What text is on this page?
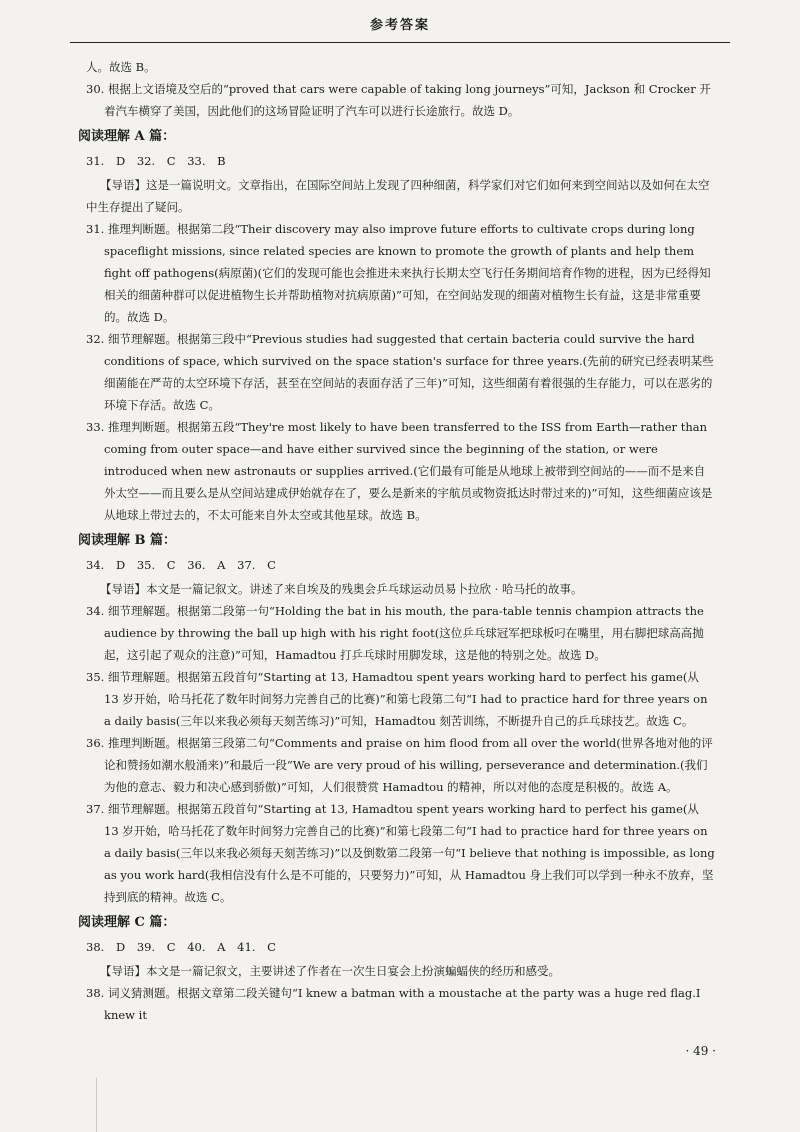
参考答案

人。故选 B。

30. 根据上文语境及空后的“proved that cars were capable of taking long journeys”可知，Jackson 和 Crocker 开着汽车横穿了美国，因此他们的这场冒险证明了汽车可以进行长途旅行。故选 D。

阅读理解 A 篇：
31. D 32. C 33. B

【导语】这是一篇说明文。文章指出，在国际空间站上发现了四种细菌，科学家们对它们如何来到空间站以及如何在太空中生存提出了疑问。

31. 推理判断题。根据第二段“Their discovery may also improve future efforts to cultivate crops during long spaceflight missions, since related species are known to promote the growth of plants and help them fight off pathogens(病原菌)(它们的发现可能也会推进未来执行长期太空飞行任务期间培育作物的进程，因为已经得知相关的细菌种群可以促进植物生长并帮助植物对抗病原菌)”可知，在空间站发现的细菌对植物生长有益，这是非常重要的。故选 D。

32. 细节理解题。根据第三段中“Previous studies had suggested that certain bacteria could survive the hard conditions of space, which survived on the space station's surface for three years.(先前的研究已经表明某些细菌能在严苛的太空环境下存活，甚至在空间站的表面存活了三年)”可知，这些细菌有着很强的生存能力，可以在恶劣的环境下存活。故选 C。

33. 推理判断题。根据第五段“They're most likely to have been transferred to the ISS from Earth—rather than coming from outer space—and have either survived since the beginning of the station, or were introduced when new astronauts or supplies arrived.(它们最有可能是从地球上被带到空间站的——而不是来自外太空——而且要么是从空间站建成伊始就存在了，要么是新来的宇航员或物资抵达时带过来的)”可知，这些细菌应该是从地球上带过去的，不太可能来自外太空或其他星球。故选 B。

阅读理解 B 篇：
34. D 35. C 36. A 37. C

【导语】本文是一篇记叙文。讲述了来自埃及的残奥会乒乓球运动员易卜拉欣 · 哈马托的故事。

34. 细节理解题。根据第二段第一句“Holding the bat in his mouth, the para-table tennis champion attracts the audience by throwing the ball up high with his right foot(这位乒乓球冠军把球板叼在嘴里，用右脚把球高高抛起，这引起了观众的注意)”可知，Hamadtou 打乒乓球时用脚发球，这是他的特别之处。故选 D。

35. 细节理解题。根据第五段首句“Starting at 13, Hamadtou spent years working hard to perfect his game(从 13 岁开始，哈马托花了数年时间努力完善自己的比赛)”和第七段第二句“I had to practice hard for three years on a daily basis(三年以来我必须每天刻苦练习)”可知，Hamadtou 刻苦训练，不断提升自己的乒乓球技艺。故选 C。

36. 推理判断题。根据第三段第二句“Comments and praise on him flood from all over the world(世界各地对他的评论和赞扬如潮水般涌来)”和最后一段“We are very proud of his willing, perseverance and determination.(我们为他的意志、毅力和决心感到骄傲)”可知，人们很赞赏 Hamadtou 的精神，所以对他的态度是积极的。故选 A。

37. 细节理解题。根据第五段首句“Starting at 13, Hamadtou spent years working hard to perfect his game(从 13 岁开始，哈马托花了数年时间努力完善自己的比赛)”和第七段第二句“I had to practice hard for three years on a daily basis(三年以来我必须每天刻苦练习)”以及倒数第二段第一句“I believe that nothing is impossible, as long as you work hard(我相信没有什么是不可能的，只要努力)”可知，从 Hamadtou 身上我们可以学到一种永不放弃，坚持到底的精神。故选 C。

阅读理解 C 篇：
38. D 39. C 40. A 41. C

【导语】本文是一篇记叙文，主要讲述了作者在一次生日宴会上扮演蝙蝠侠的经历和感受。

38. 词义猜测题。根据文章第二段关键句“I knew a batman with a moustache at the party was a huge red flag.I knew it

· 49 ·
